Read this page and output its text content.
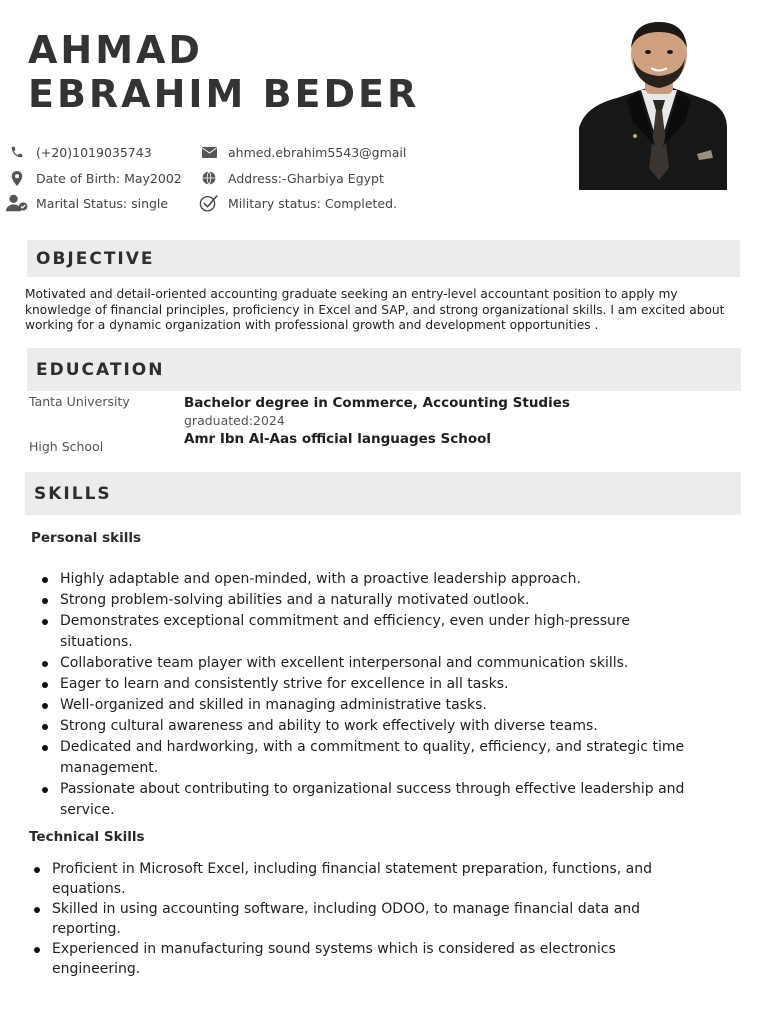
AHMAD
EBRAHIM BEDER
(+20)1019035743
Date of Birth: May2002
Marital Status: single
ahmed.ebrahim5543@gmail
Address:-Gharbiya Egypt
Military status: Completed.
OBJECTIVE
Motivated and detail-oriented accounting graduate seeking an entry-level accountant position to apply my knowledge of financial principles, proficiency in Excel and SAP, and strong organizational skills. I am excited about working for a dynamic organization with professional growth and development opportunities .
EDUCATION
Tanta University	Bachelor degree in Commerce, Accounting Studies
graduated:2024
High School	Amr Ibn Al-Aas official languages School
SKILLS
Personal skills
Highly adaptable and open-minded, with a proactive leadership approach.
Strong problem-solving abilities and a naturally motivated outlook.
Demonstrates exceptional commitment and efficiency, even under high-pressure situations.
Collaborative team player with excellent interpersonal and communication skills.
Eager to learn and consistently strive for excellence in all tasks.
Well-organized and skilled in managing administrative tasks.
Strong cultural awareness and ability to work effectively with diverse teams.
Dedicated and hardworking, with a commitment to quality, efficiency, and strategic time management.
Passionate about contributing to organizational success through effective leadership and service.
Technical Skills
Proficient in Microsoft Excel, including financial statement preparation, functions, and equations.
Skilled in using accounting software, including ODOO, to manage financial data and reporting.
Experienced in manufacturing sound systems which is considered as electronics engineering.
